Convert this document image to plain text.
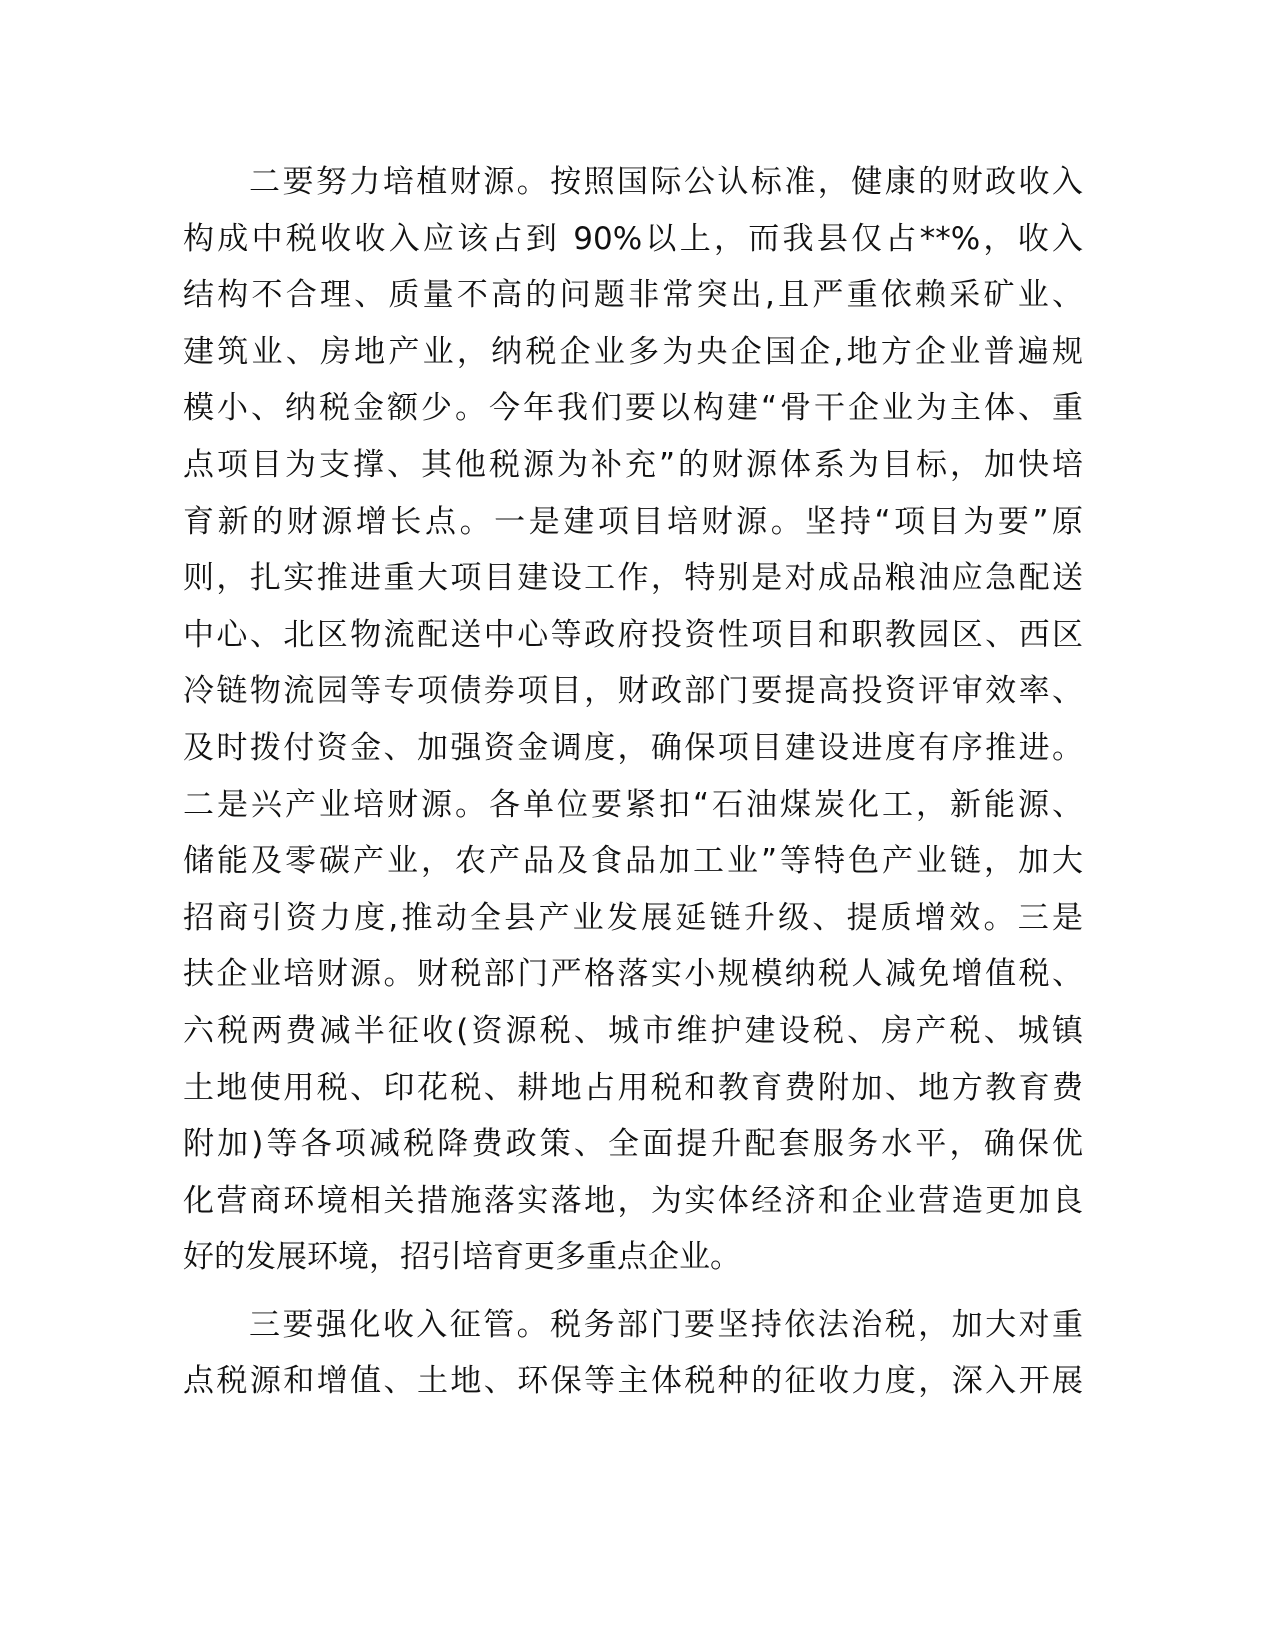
二要努力培植财源。按照国际公认标准，健康的财政收入
构成中税收收入应该占到 90%以上，而我县仅占**%，收入
结构不合理、质量不高的问题非常突出,且严重依赖采矿业、
建筑业、房地产业，纳税企业多为央企国企,地方企业普遍规
模小、纳税金额少。今年我们要以构建“骨干企业为主体、重
点项目为支撑、其他税源为补充”的财源体系为目标，加快培
育新的财源增长点。一是建项目培财源。坚持“项目为要”原
则，扎实推进重大项目建设工作，特别是对成品粮油应急配送
中心、北区物流配送中心等政府投资性项目和职教园区、西区
冷链物流园等专项债券项目，财政部门要提高投资评审效率、
及时拨付资金、加强资金调度，确保项目建设进度有序推进。
二是兴产业培财源。各单位要紧扣“石油煤炭化工，新能源、
储能及零碳产业，农产品及食品加工业”等特色产业链，加大
招商引资力度,推动全县产业发展延链升级、提质增效。三是
扶企业培财源。财税部门严格落实小规模纳税人减免增值税、
六税两费减半征收(资源税、城市维护建设税、房产税、城镇
土地使用税、印花税、耕地占用税和教育费附加、地方教育费
附加)等各项减税降费政策、全面提升配套服务水平，确保优
化营商环境相关措施落实落地，为实体经济和企业营造更加良
好的发展环境，招引培育更多重点企业。
三要强化收入征管。税务部门要坚持依法治税，加大对重
点税源和增值、土地、环保等主体税种的征收力度，深入开展
